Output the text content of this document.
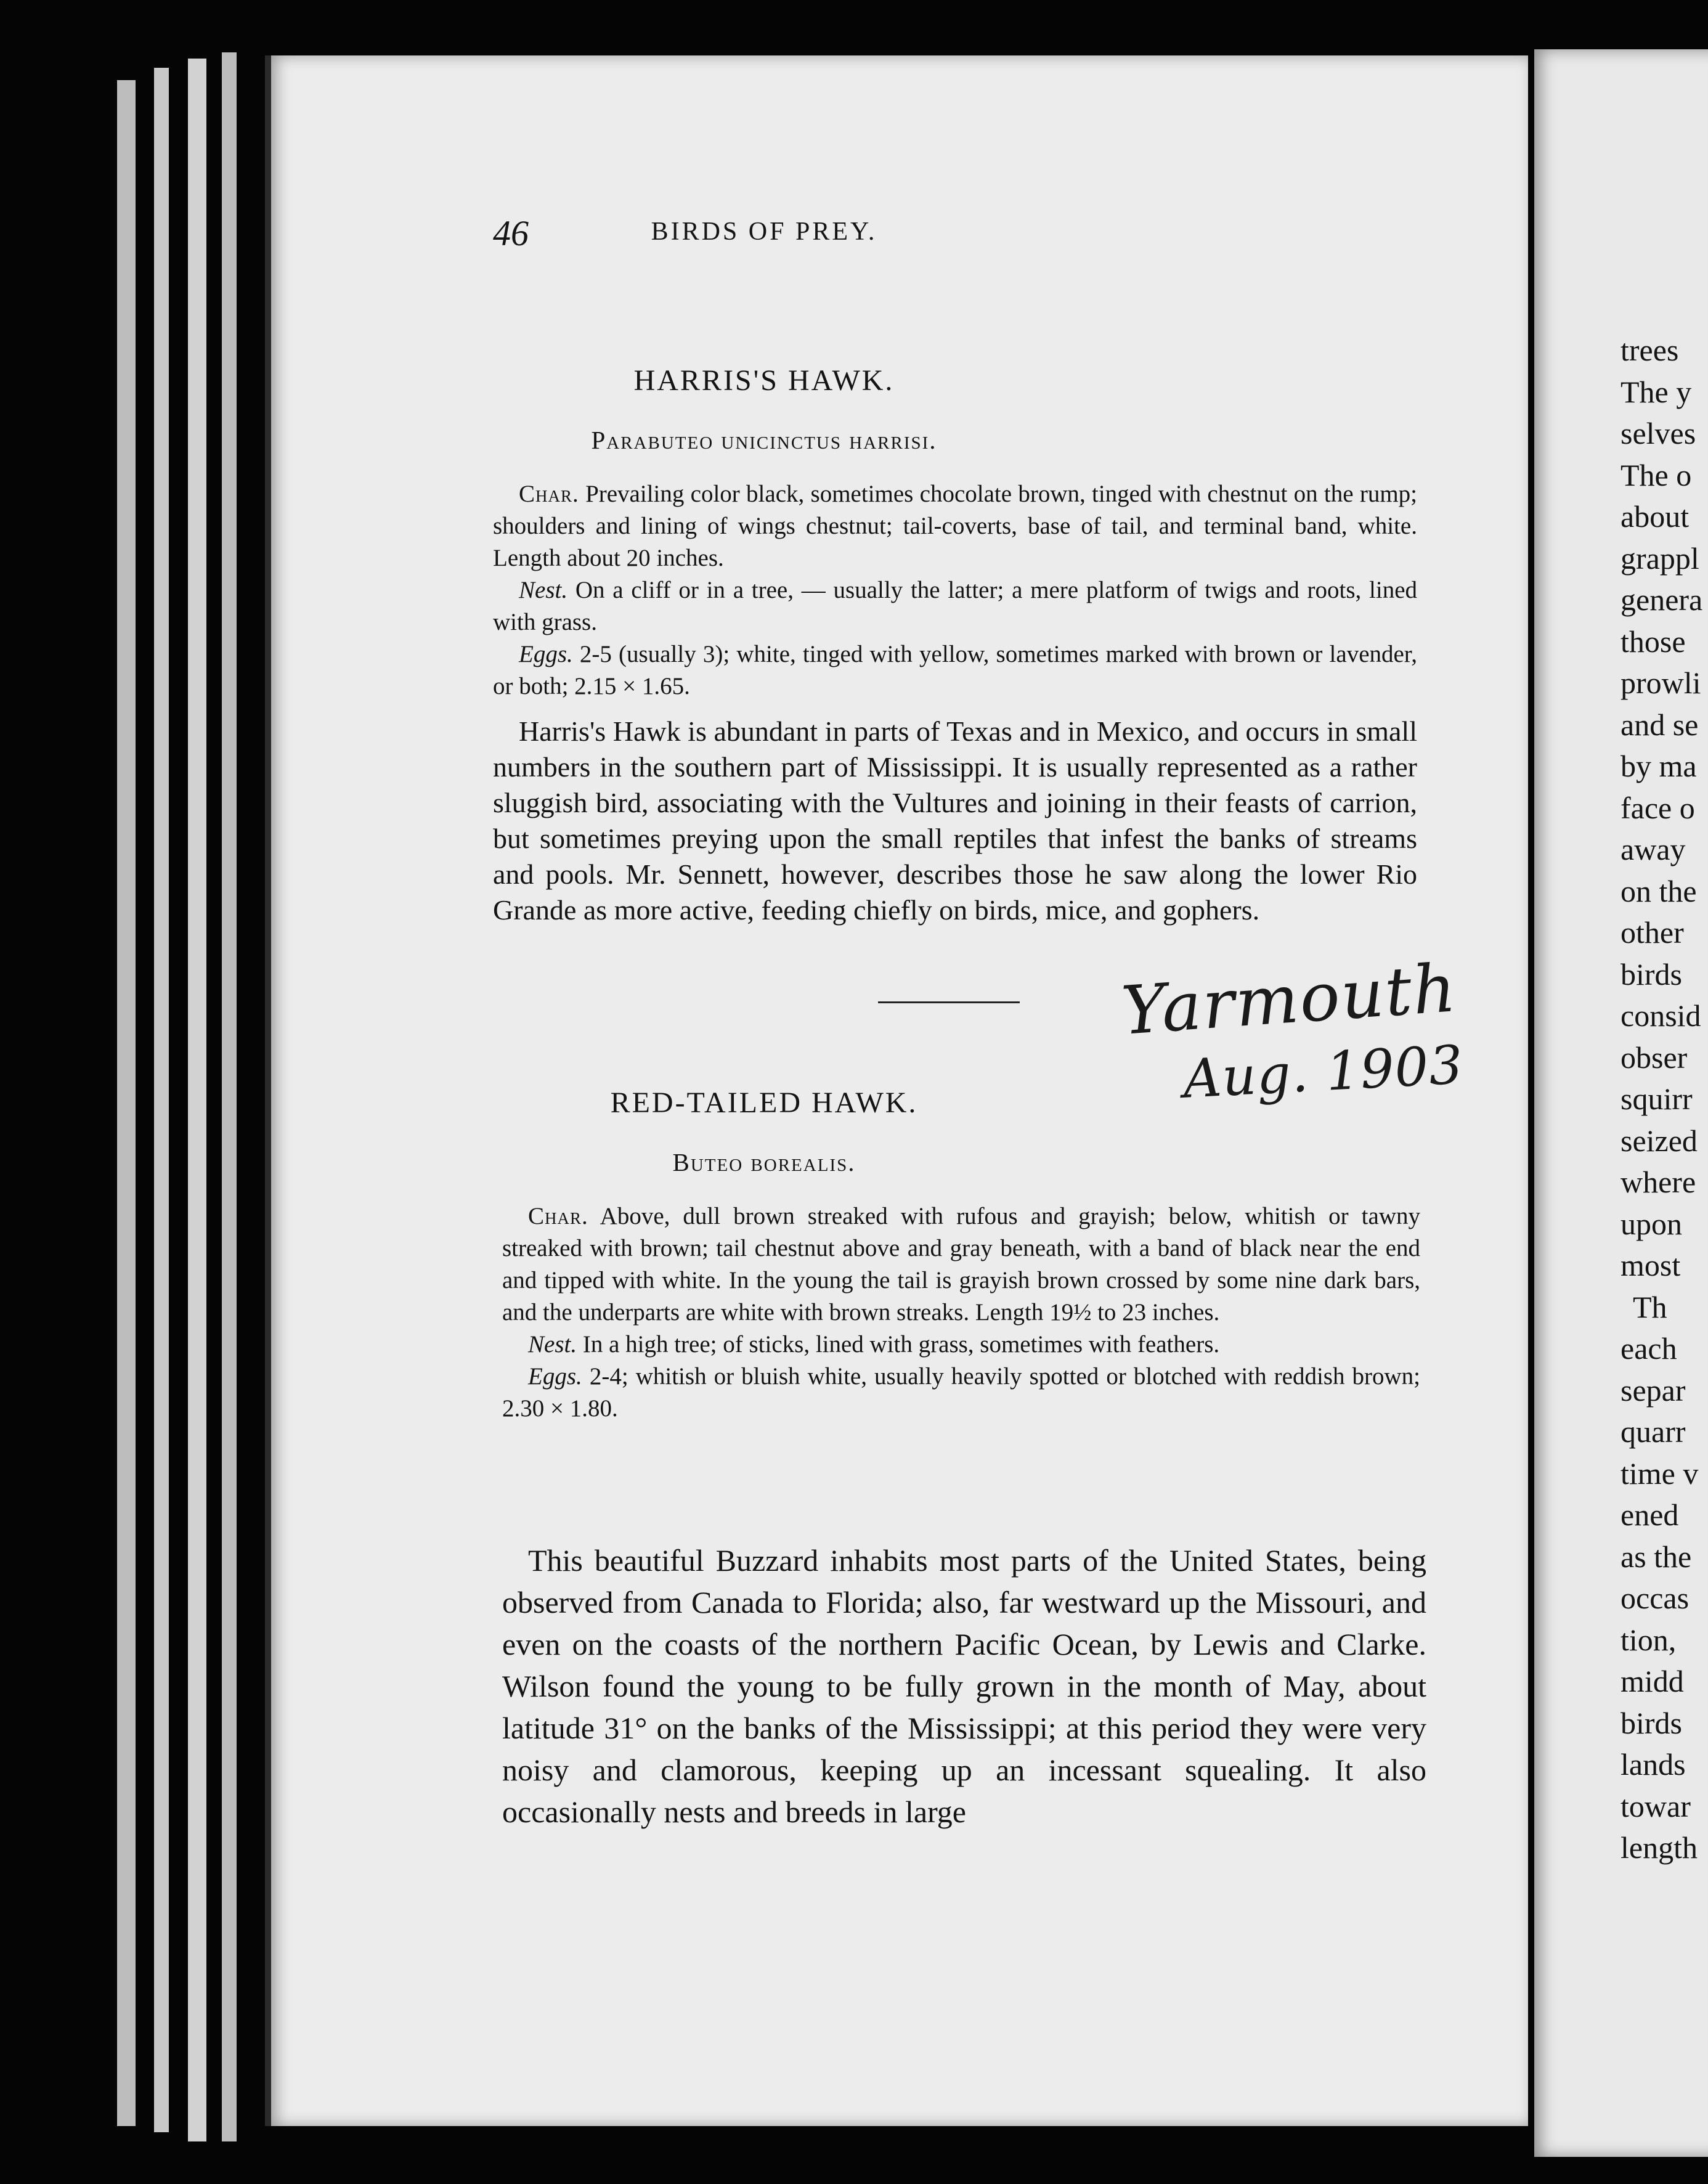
46	BIRDS OF PREY.
HARRIS'S HAWK.
Parabuteo unicinctus harrisi.

Char. Prevailing color black, sometimes chocolate brown, tinged with chestnut on the rump; shoulders and lining of wings chestnut; tail-coverts, base of tail, and terminal band, white. Length about 20 inches.

Nest. On a cliff or in a tree, — usually the latter; a mere platform of twigs and roots, lined with grass.

Eggs. 2-5 (usually 3); white, tinged with yellow, sometimes marked with brown or lavender, or both; 2.15 × 1.65.

Harris's Hawk is abundant in parts of Texas and in Mexico, and occurs in small numbers in the southern part of Mississippi. It is usually represented as a rather sluggish bird, associating with the Vultures and joining in their feasts of carrion, but sometimes preying upon the small reptiles that infest the banks of streams and pools. Mr. Sennett, however, describes those he saw along the lower Rio Grande as more active, feeding chiefly on birds, mice, and gophers.

Yarmouth
Aug. 1903
RED-TAILED HAWK.
Buteo borealis.

Char. Above, dull brown streaked with rufous and grayish; below, whitish or tawny streaked with brown; tail chestnut above and gray beneath, with a band of black near the end and tipped with white. In the young the tail is grayish brown crossed by some nine dark bars, and the underparts are white with brown streaks. Length 19½ to 23 inches.

Nest. In a high tree; of sticks, lined with grass, sometimes with feathers.

Eggs. 2-4; whitish or bluish white, usually heavily spotted or blotched with reddish brown; 2.30 × 1.80.

This beautiful Buzzard inhabits most parts of the United States, being observed from Canada to Florida; also, far westward up the Missouri, and even on the coasts of the northern Pacific Ocean, by Lewis and Clarke. Wilson found the young to be fully grown in the month of May, about latitude 31° on the banks of the Mississippi; at this period they were very noisy and clamorous, keeping up an incessant squealing. It also occasionally nests and breeds in large

trees
The y
selves
The o
about
grappl
genera
those
prowli
and se
by ma
face o
away
on the
other
birds
consid
obser
squirr
seized
where
upon
most
Th
each
separ
quarr
time v
ened
as the
occas
tion,
midd
birds
lands
towar
length
